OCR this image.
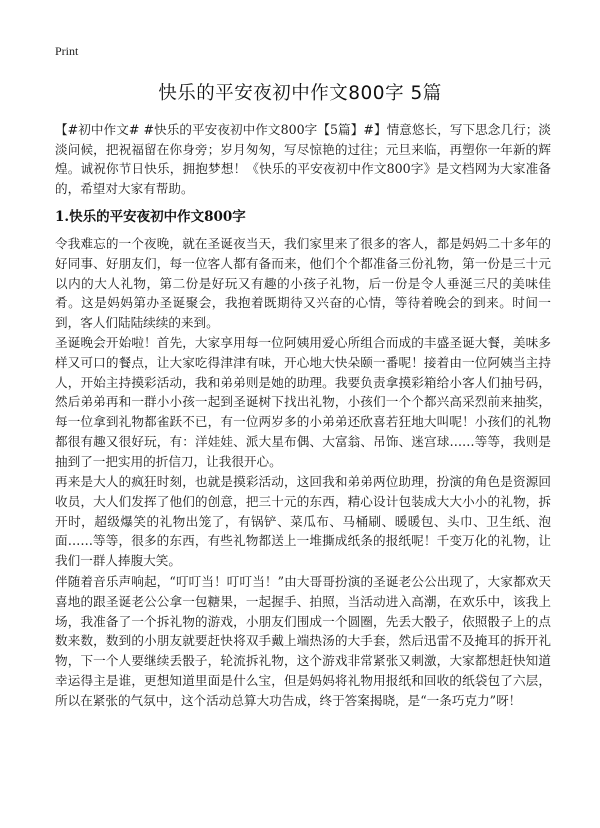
Print
快乐的平安夜初中作文800字 5篇
【#初中作文# #快乐的平安夜初中作文800字【5篇】#】情意悠长，写下思念几行；淡淡问候，把祝福留在你身旁；岁月匆匆，写尽惊艳的过往；元旦来临，再塑你一年新的辉煌。诚祝你节日快乐，拥抱梦想！《快乐的平安夜初中作文800字》是文档网为大家准备的，希望对大家有帮助。
1.快乐的平安夜初中作文800字

令我难忘的一个夜晚，就在圣诞夜当天，我们家里来了很多的客人，都是妈妈二十多年的好同事、好朋友们，每一位客人都有备而来，他们个个都准备三份礼物，第一份是三十元以内的大人礼物，第二份是好玩又有趣的小孩子礼物，后一份是令人垂涎三尺的美味佳肴。这是妈妈第办圣诞聚会，我抱着既期待又兴奋的心情，等待着晚会的到来。时间一到，客人们陆陆续续的来到。

圣诞晚会开始啦！首先，大家享用每一位阿姨用爱心所组合而成的丰盛圣诞大餐，美味多样又可口的餐点，让大家吃得津津有味，开心地大快朵颐一番呢！接着由一位阿姨当主持人，开始主持摸彩活动，我和弟弟则是她的助理。我要负责拿摸彩箱给小客人们抽号码，然后弟弟再和一群小小孩一起到圣诞树下找出礼物，小孩们一个个都兴高采烈前来抽奖，每一位拿到礼物都雀跃不已，有一位两岁多的小弟弟还欣喜若狂地大叫呢！小孩们的礼物都很有趣又很好玩，有：洋娃娃、派大星布偶、大富翁、吊饰、迷宫球……等等，我则是抽到了一把实用的折信刀，让我很开心。

再来是大人的疯狂时刻，也就是摸彩活动，这回我和弟弟两位助理，扮演的角色是资源回收员，大人们发挥了他们的创意，把三十元的东西，精心设计包装成大大小小的礼物，拆开时，超级爆笑的礼物出笼了，有锅铲、菜瓜布、马桶刷、暖暖包、头巾、卫生纸、泡面……等等，很多的东西，有些礼物都送上一堆撕成纸条的报纸呢！千变万化的礼物，让我们一群人捧腹大笑。

伴随着音乐声响起，“叮叮当！叮叮当！”由大哥哥扮演的圣诞老公公出现了，大家都欢天喜地的跟圣诞老公公拿一包糖果，一起握手、拍照，当活动进入高潮，在欢乐中，该我上场，我准备了一个拆礼物的游戏，小朋友们围成一个圆圈，先丢大骰子，依照骰子上的点数来数，数到的小朋友就要赶快将双手戴上端热汤的大手套，然后迅雷不及掩耳的拆开礼物，下一个人要继续丢骰子，轮流拆礼物，这个游戏非常紧张又刺激，大家都想赶快知道幸运得主是谁，更想知道里面是什么宝，但是妈妈将礼物用报纸和回收的纸袋包了六层，所以在紧张的气氛中，这个活动总算大功告成，终于答案揭晓，是“一条巧克力”呀！
